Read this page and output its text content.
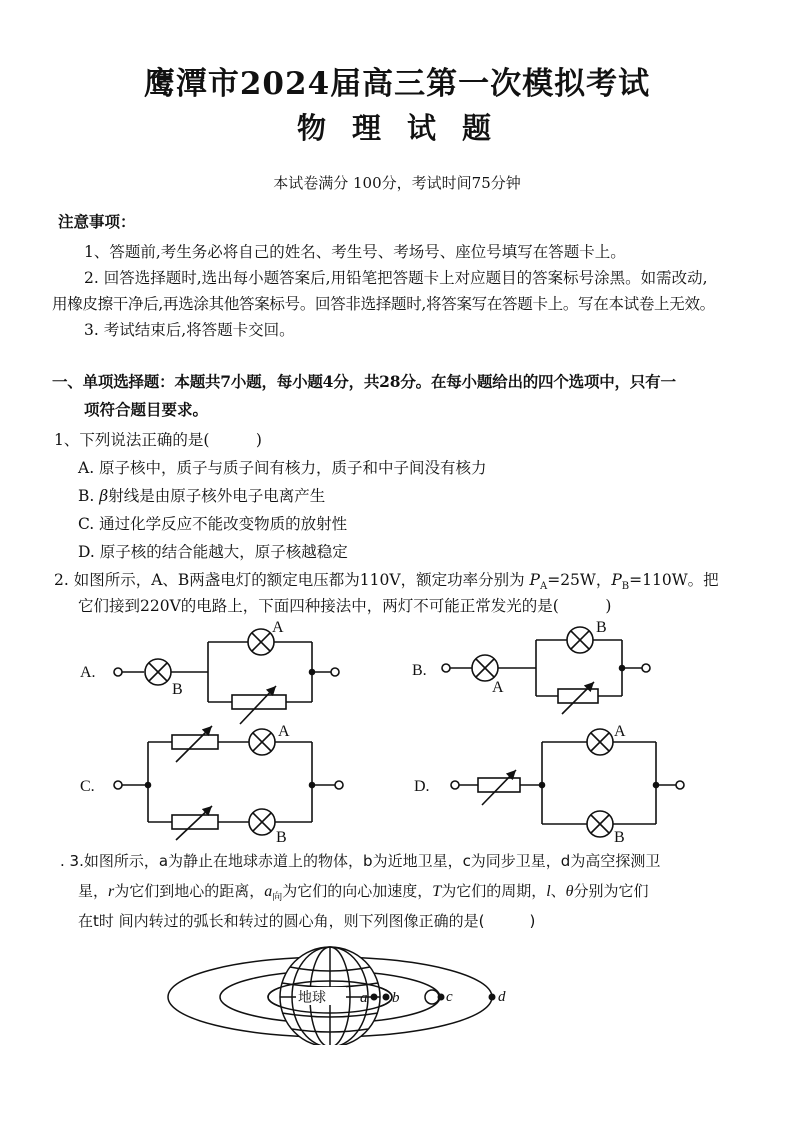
鹰潭市2024届高三第一次模拟考试
物理试题
本试卷满分 100分，考试时间75分钟
注意事项：
1、答题前,考生务必将自己的姓名、考生号、考场号、座位号填写在答题卡上。
2. 回答选择题时,选出每小题答案后,用铅笔把答题卡上对应题目的答案标号涂黑。如需改动,
用橡皮擦干净后,再选涂其他答案标号。回答非选择题时,将答案写在答题卡上。写在本试卷上无效。
3. 考试结束后,将答题卡交回。
一、单项选择题：本题共7小题，每小题4分，共28分。在每小题给出的四个选项中，只有一
项符合题目要求。
1、下列说法正确的是(　　　)
A. 原子核中，质子与质子间有核力，质子和中子间没有核力
B. β射线是由原子核外电子电离产生
C. 通过化学反应不能改变物质的放射性
D. 原子核的结合能越大，原子核越稳定
2. 如图所示，A、B两盏电灯的额定电压都为110V，额定功率分别为 $P_A=25W$，$P_B=110W$。把
它们接到220V的电路上，下面四种接法中，两灯不可能正常发光的是(　　　)
A.
A
B
B.
B
A
C.
A
B
D.
A
B
. 3.如图所示，a为静止在地球赤道上的物体，b为近地卫星，c为同步卫星，d为高空探测卫
星，r为它们到地心的距离，$a_向$为它们的向心加速度，T为它们的周期，l、θ分别为它们
在t时 间内转过的弧长和转过的圆心角，则下列图像正确的是(　　　)
地球 a b	c	d
